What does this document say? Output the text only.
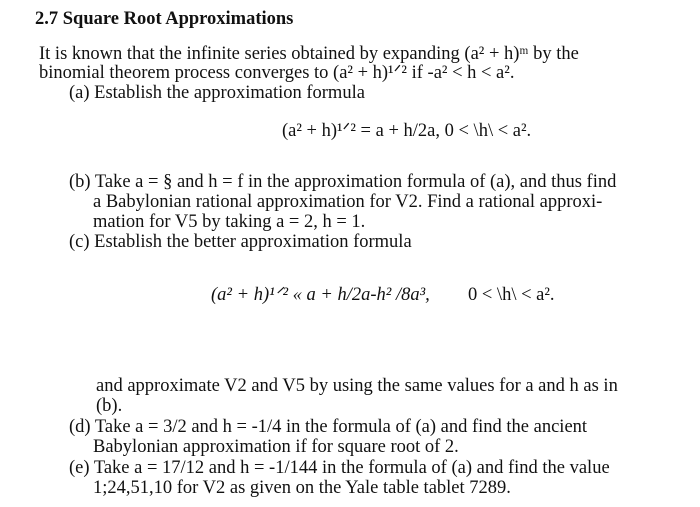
2.7 Square Root Approximations
It is known that the infinite series obtained by expanding (a² + h)ᵐ by the
binomial theorem process converges to (a² + h)¹ᐟ² if -a² < h < a².
(a) Establish the approximation formula
(a² + h)¹ᐟ² = a + h/2a, 0 < \h\ < a².
(b) Take a = § and h = f in the approximation formula of (a), and thus find
a Babylonian rational approximation for V2. Find a rational approxi-
mation for V5 by taking a = 2, h = 1.
(c) Establish the better approximation formula
(a² + h)¹ᐟ² « a + h/2a-h² /8a³, 0 < \h\ < a².
and approximate V2 and V5 by using the same values for a and h as in
(b).
(d) Take a = 3/2 and h = -1/4 in the formula of (a) and find the ancient
Babylonian approximation if for square root of 2.
(e) Take a = 17/12 and h = -1/144 in the formula of (a) and find the value
1;24,51,10 for V2 as given on the Yale table tablet 7289.
